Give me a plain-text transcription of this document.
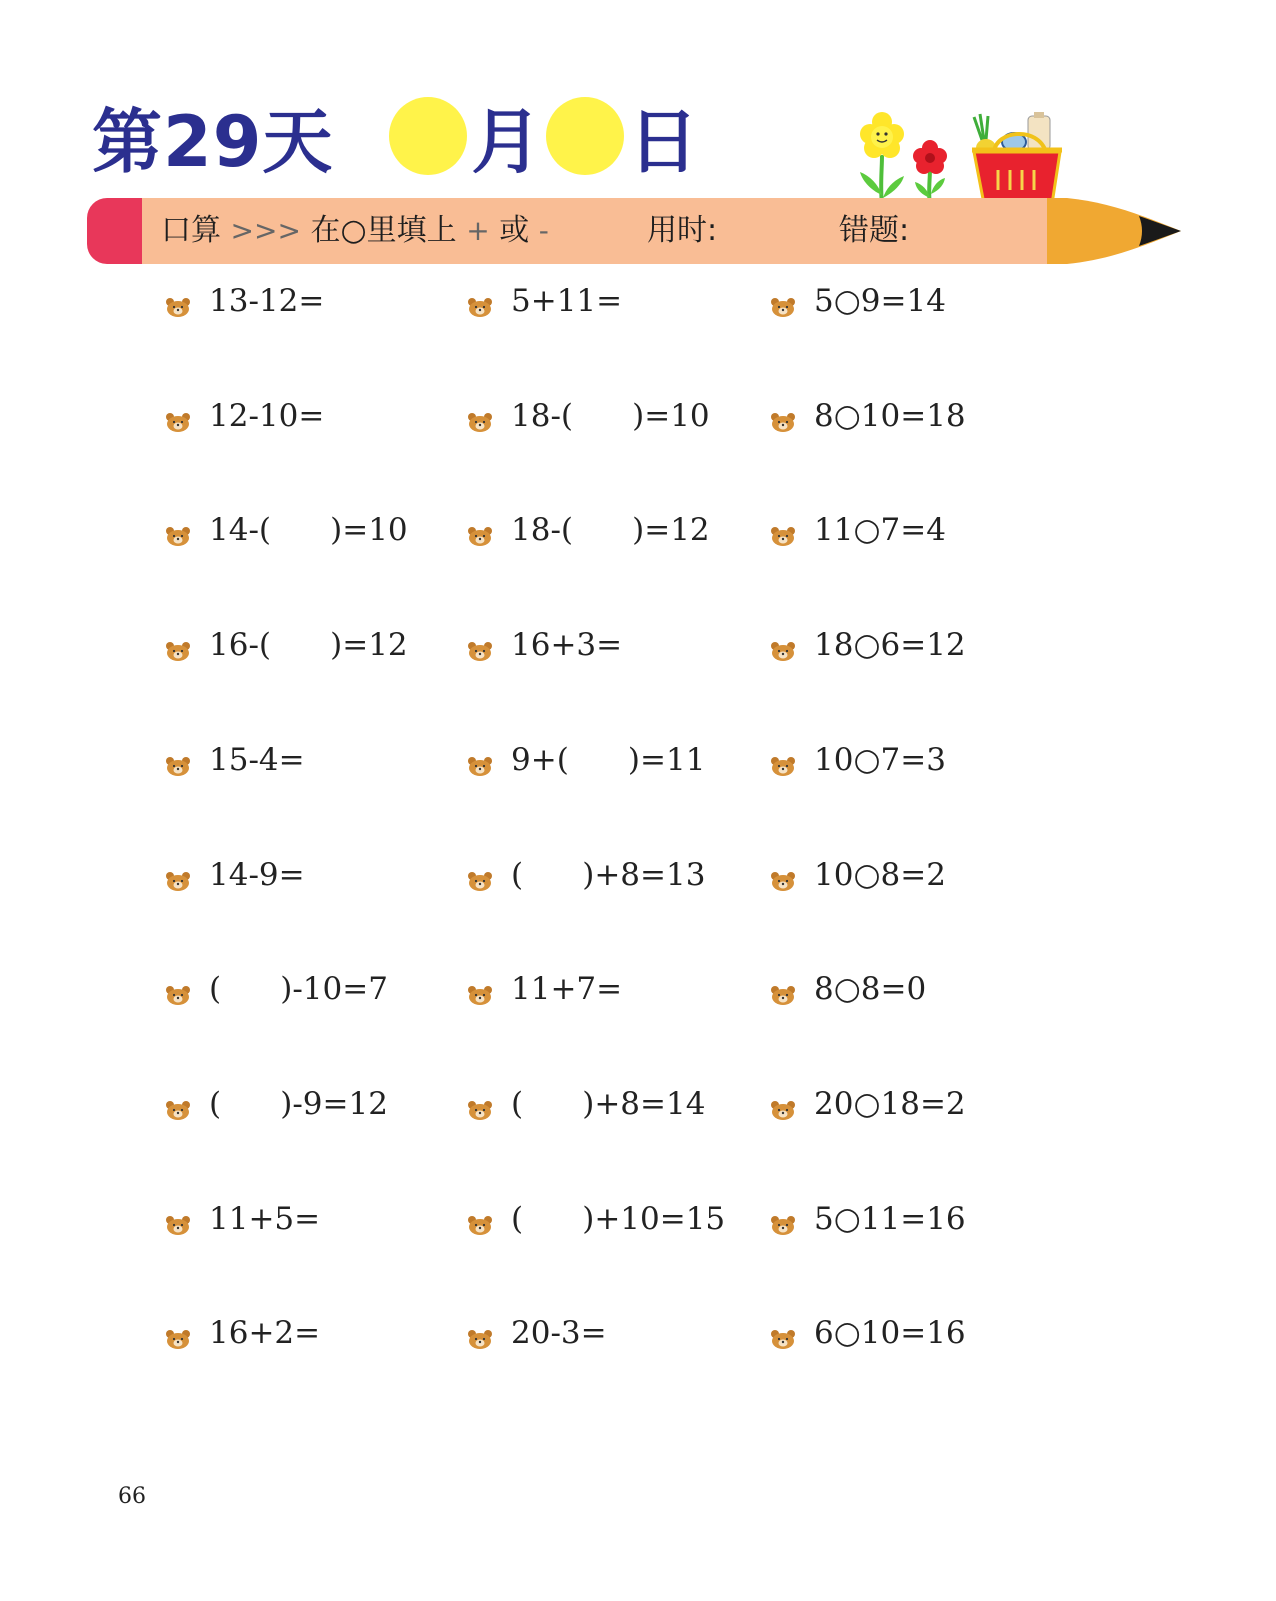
第29天 月 日
口算 >>> 在○里填上 + 或 -	用时:	错题:
13-12=	5+11=	5○9=14
12-10=	18-(      )=10	8○10=18
14-(      )=10	18-(      )=12	11○7=4
16-(      )=12	16+3=	18○6=12
15-4=	9+(      )=11	10○7=3
14-9=	(      )+8=13	10○8=2
(      )-10=7	11+7=	8○8=0
(      )-9=12	(      )+8=14	20○18=2
11+5=	(      )+10=15	5○11=16
16+2=	20-3=	6○10=16
66
